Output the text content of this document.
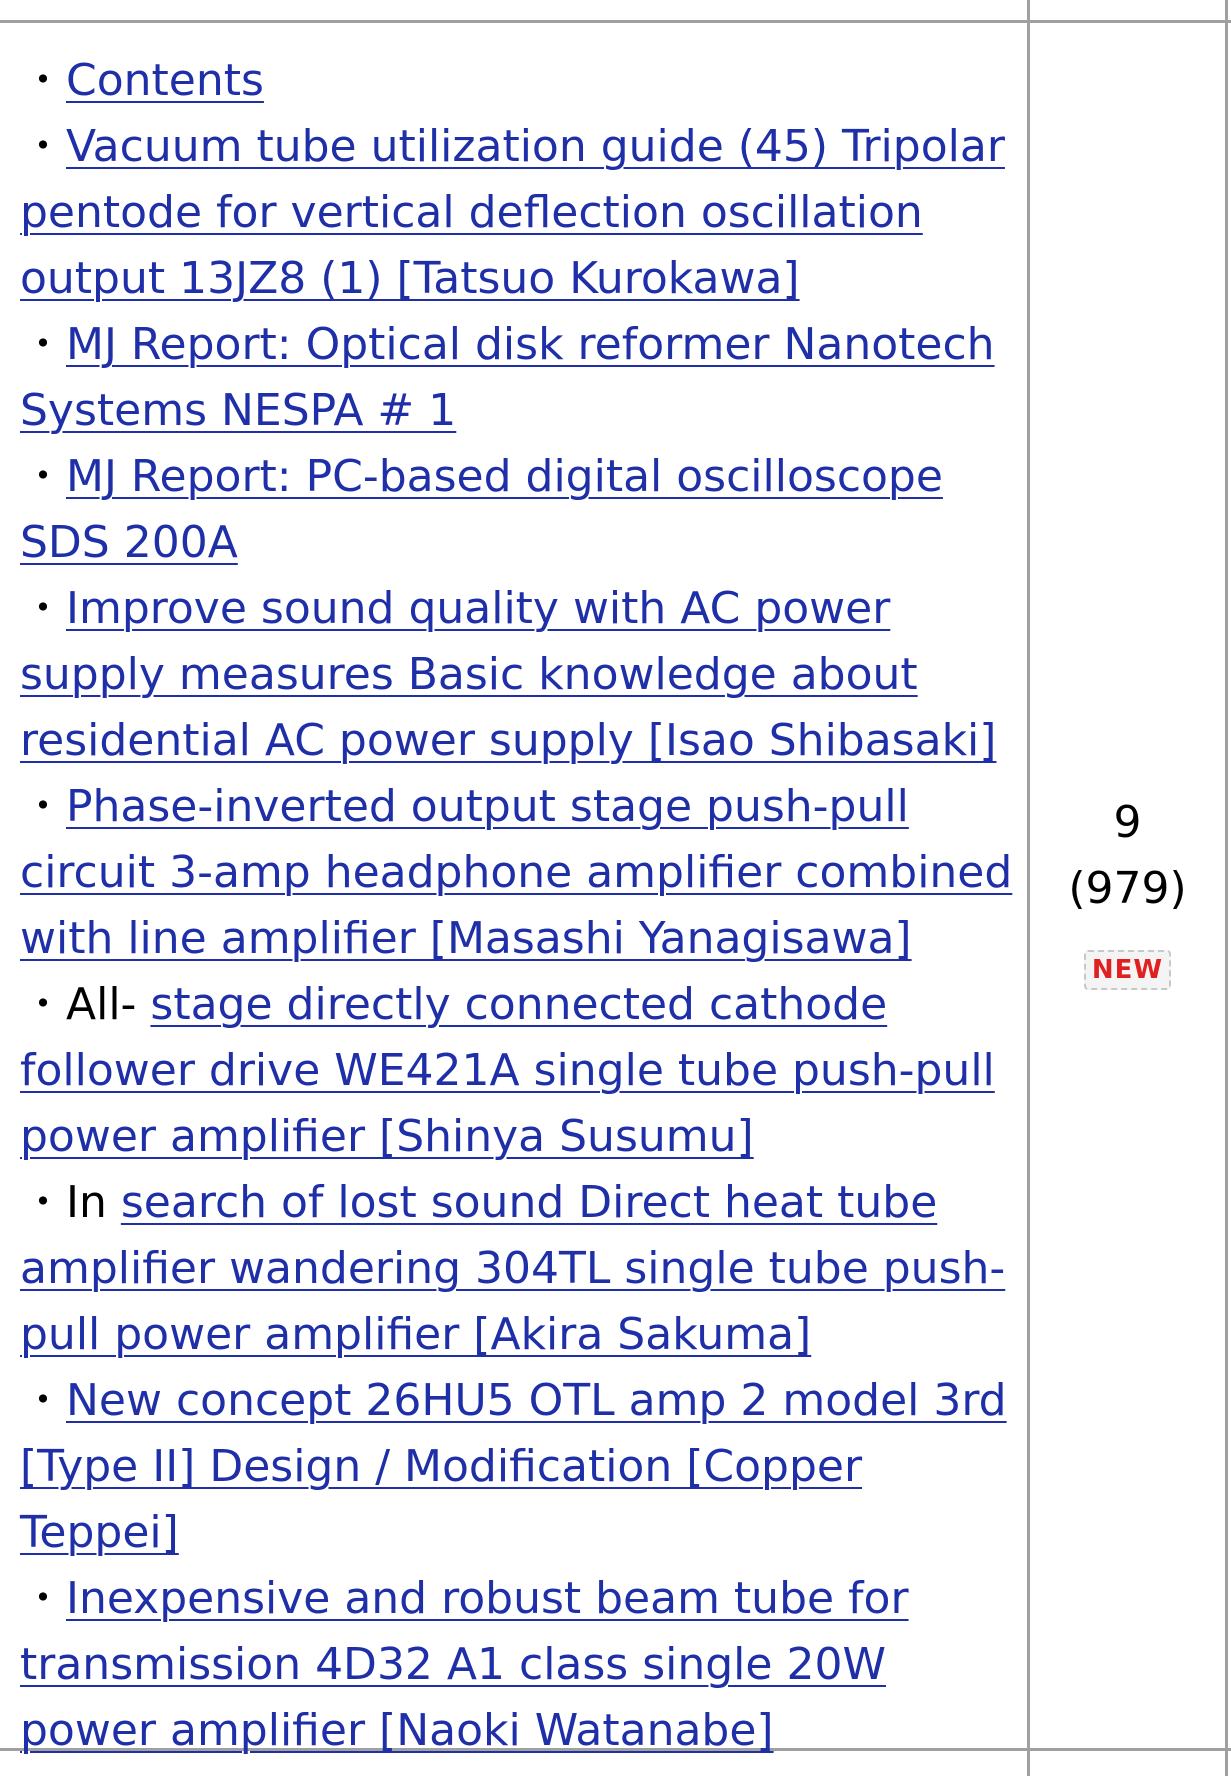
・Contents

・Vacuum tube utilization guide (45) Tripolar pentode for vertical deflection oscillation output 13JZ8 (1) [Tatsuo Kurokawa]

・MJ Report: Optical disk reformer Nanotech Systems NESPA # 1

・MJ Report: PC-based digital oscilloscope SDS 200A

・Improve sound quality with AC power supply measures Basic knowledge about residential AC power supply [Isao Shibasaki]

・Phase-inverted output stage push-pull circuit 3-amp headphone amplifier combined with line amplifier [Masashi Yanagisawa]

・All- stage directly connected cathode follower drive WE421A single tube push-pull power amplifier [Shinya Susumu]

・In search of lost sound Direct heat tube amplifier wandering 304TL single tube push-pull power amplifier [Akira Sakuma]

・New concept 26HU5 OTL amp 2 model 3rd [Type II] Design / Modification [Copper Teppei]

・Inexpensive and robust beam tube for transmission 4D32 A1 class single 20W power amplifier [Naoki Watanabe]

9
(979)
NEW
